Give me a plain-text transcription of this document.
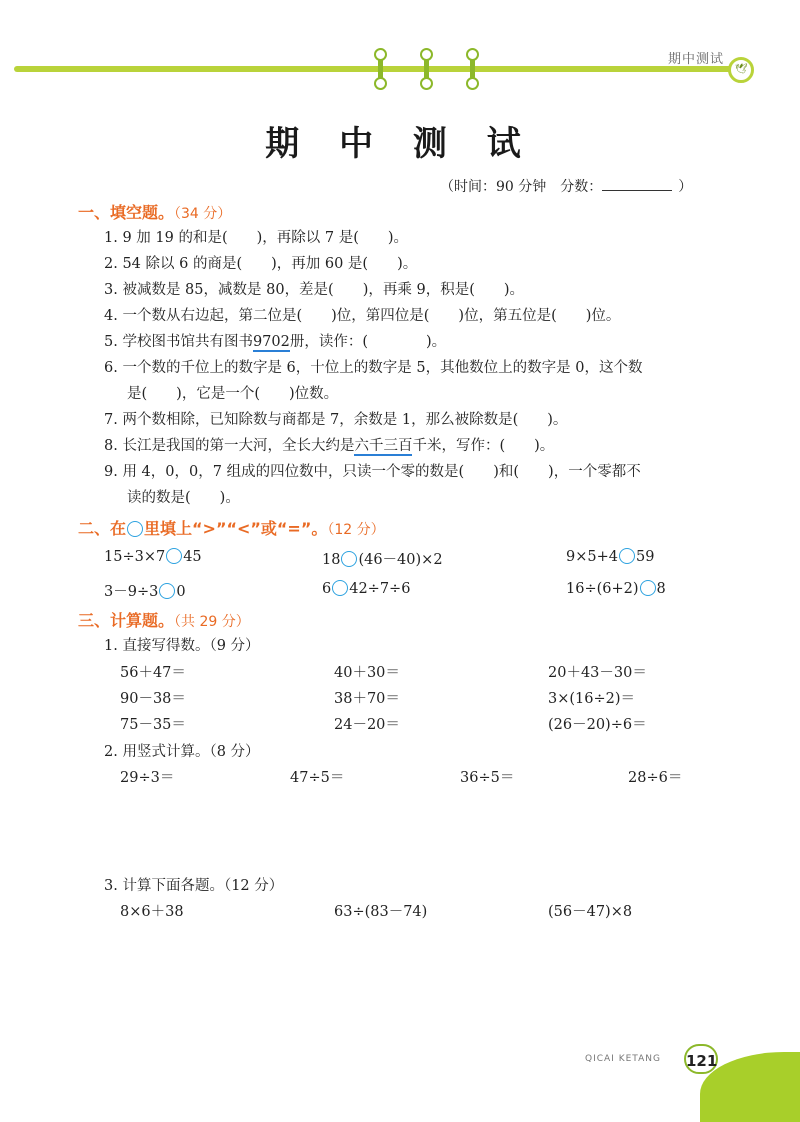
期中测试
🕊
期 中 测 试
（时间：90 分钟　分数：	）
一、填空题。（34 分）
1. 9 加 19 的和是(　　)，再除以 7 是(　　)。
2. 54 除以 6 的商是(　　)，再加 60 是(　　)。
3. 被减数是 85，减数是 80，差是(　　)，再乘 9，积是(　　)。
4. 一个数从右边起，第二位是(　　)位，第四位是(　　)位，第五位是(　　)位。
5. 学校图书馆共有图书9702册，读作：(　　　　)。
6. 一个数的千位上的数字是 6，十位上的数字是 5，其他数位上的数字是 0，这个数
是(　　)，它是一个(　　)位数。
7. 两个数相除，已知除数与商都是 7，余数是 1，那么被除数是(　　)。
8. 长江是我国的第一大河，全长大约是六千三百千米，写作：(　　)。
9. 用 4，0，0，7 组成的四位数中，只读一个零的数是(　　)和(　　)，一个零都不
读的数是(　　)。
二、在 里填上“>”“<”或“=”。（12 分）
15÷3×7 45	18 (46－40)×2	9×5+4 59
3－9÷3 0	6 42÷7÷6	16÷(6+2) 8
三、计算题。（共 29 分）
1. 直接写得数。（9 分）
56＋47＝	40＋30＝	20＋43－30＝
90－38＝	38＋70＝	3×(16÷2)＝
75－35＝	24－20＝	(26－20)÷6＝
2. 用竖式计算。（8 分）
29÷3＝	47÷5＝	36÷5＝	28÷6＝
3. 计算下面各题。（12 分）
8×6＋38	63÷(83－74)	(56－47)×8
QICAI KETANG 121
